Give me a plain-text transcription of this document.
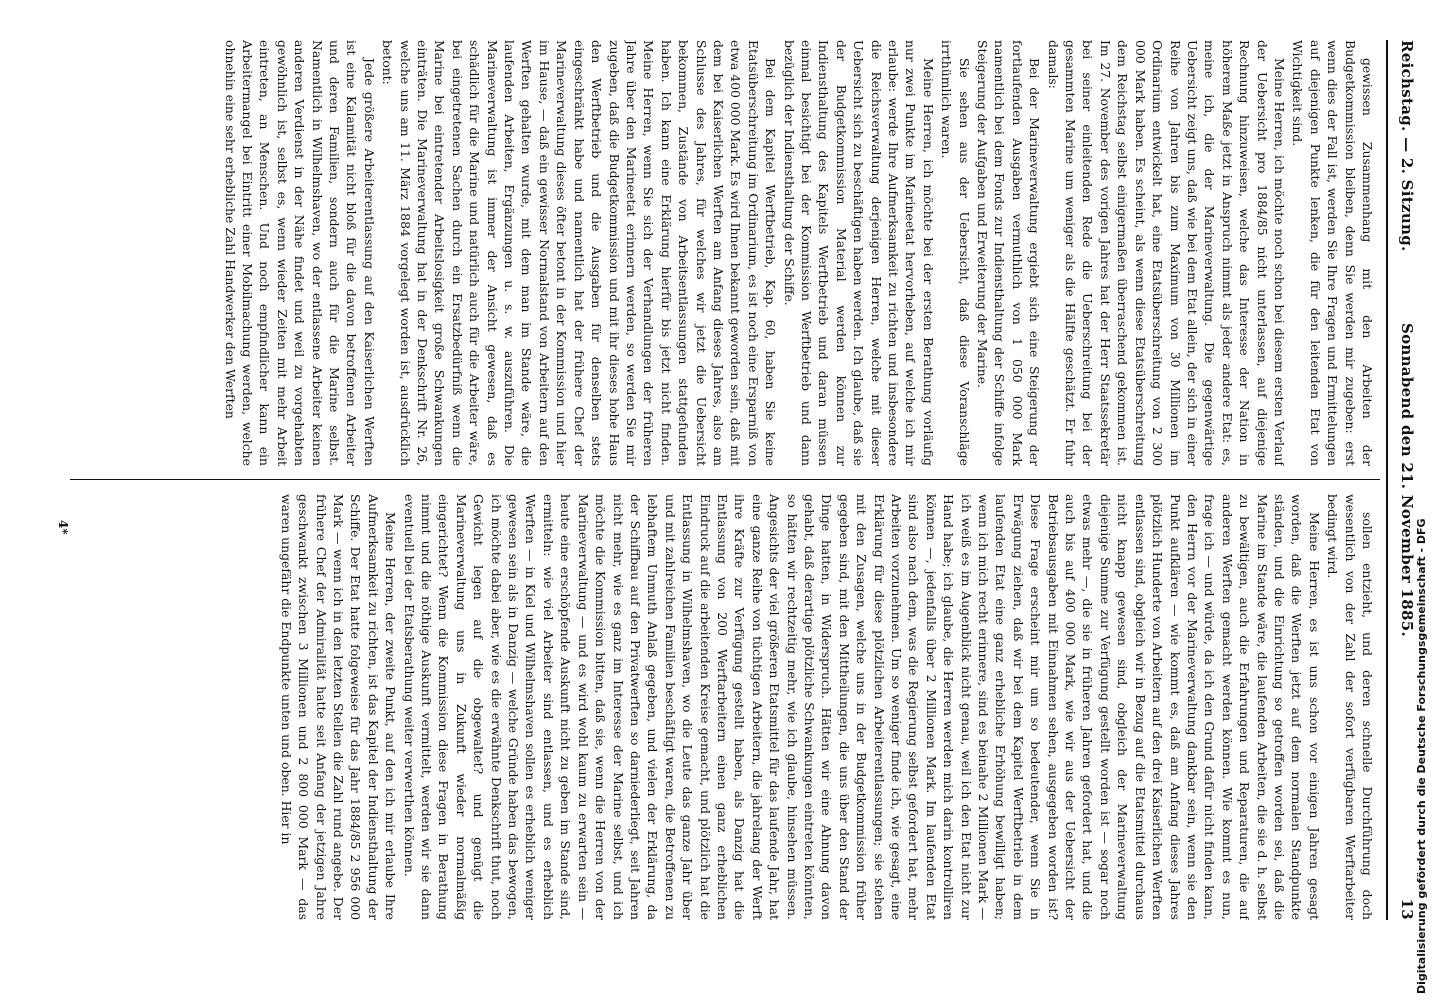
Reichstag. — 2. Sitzung.
Sonnabend den 21. November 1885.
13

gewissen Zusammenhang mit den Arbeiten der Budgetkommission bleiben, denn Sie werden mir zugeben: erst wenn dies der Fall ist, werden Sie Ihre Fragen und Ermittelungen auf diejenigen Punkte lenken, die für den leitenden Etat von Wichtigkeit sind.

Meine Herren, ich möchte noch schon bei diesem ersten Verlauf der Uebersicht pro 1884/85 nicht unterlassen, auf diejenige Rechnung hinzuweisen, welche das Interesse der Nation in höherem Maße jetzt in Anspruch nimmt als jeder andere Etat: es, meine ich, die der Marineverwaltung. Die gegenwärtige Uebersicht zeigt uns, daß wie bei dem Etat allein, der sich in einer Reihe von Jahren bis zum Maximum von 30 Millionen im Ordinarium entwickelt hat, eine Etatsüberschreitung von 2 300 000 Mark haben. Es scheint, als wenn diese Etatsüberschreitung dem Reichstag selbst einigermaßen überraschend gekommen ist. Im 27. November des vorigen Jahres hat der Herr Staatssekretär bei seiner einleitenden Rede die Ueberschreitung bei der gesammten Marine um weniger als die Hälfte geschätzt. Er fuhr damals:

Bei der Marineverwaltung ergiebt sich eine Steigerung der fortlaufenden Ausgaben vermuthlich von 1 050 000 Mark namentlich bei dem Fonds zur Indiensthaltung der Schiffe infolge Steigerung der Aufgaben und Erweiterung der Marine.

Sie sehen aus der Uebersicht, daß diese Voranschläge irrthümlich waren.

Meine Herren, ich möchte bei der ersten Berathung vorläufig nur zwei Punkte im Marineetat hervorheben, auf welche ich mir erlaube: werde Ihre Aufmerksamkeit zu richten und insbesondere die Reichsverwaltung derjenigen Herren, welche mit dieser Uebersicht sich zu beschäftigen haben werden. Ich glaube, daß sie der Budgetkommission Material werden können zur Indiensthaltung des Kapitels Werftbetrieb und daran müssen einmal besichtigt bei der Kommission Werftbetrieb und dann bezüglich der Indiensthaltung der Schiffe.

Bei dem Kapitel Werftbetrieb, Kap. 60, haben Sie keine Etatsüberschreitung im Ordinarium, es ist noch eine Ersparniß von etwa 400 000 Mark. Es wird Ihnen bekannt geworden sein, daß mit dem bei Kaiserlichen Werften am Anfang dieses Jahres, also am Schlusse des Jahres, für welches wir jetzt die Uebersicht bekommen, Zustände von Arbeitsentlassungen stattgefunden haben. Ich kann eine Erklärung hierfür bis jetzt nicht finden. Meine Herren, wenn Sie sich der Verhandlungen der früheren Jahre über den Marineetat erinnern werden, so werden Sie mir zugeben, daß die Budgetkommission und mit ihr dieses hohe Haus den Werftbetrieb und die Ausgaben für denselben stets eingeschränkt habe und namentlich hat der frühere Chef der Marineverwaltung dieses öfter betont in der Kommission und hier im Hause, — daß ein gewisser Normalstand von Arbeitern auf den Werften gehalten wurde, mit dem man im Stande wäre, die laufenden Arbeiten, Ergänzungen u. s. w. auszuführen. Die Marineverwaltung ist immer der Ansicht gewesen, daß es schädlich für die Marine und natürlich auch für die Arbeiter wäre, bei eingetretenen Sachen durch ein Ersatzbedürfniß wenn die Marine bei eintretender Arbeitslosigkeit große Schwankungen einträten. Die Marineverwaltung hat in der Denkschrift Nr. 26, welche uns am 11. März 1884 vorgelegt worden ist, ausdrücklich betont:

Jede größere Arbeiterentlassung auf den Kaiserlichen Werften ist eine Kalamität nicht bloß für die davon betroffenen Arbeiter und deren Familien, sondern auch für die Marine selbst. Namentlich in Wilhelmshaven, wo der entlassene Arbeiter keinen anderen Verdienst in der Nähe findet und weil zu vorgehabten gewöhnlich ist, selbst es, wenn wieder Zeiten mit mehr Arbeit eintreten, an Menschen. Und noch empfindlicher kann ein Arbeitermangel bei Eintritt einer Mobilmachung werden, welche ohnehin eine sehr erhebliche Zahl Handwerker den Werften

sollen entzieht, und deren schnelle Durchführung doch wesentlich von der Zahl der sofort verfügbaren Werftarbeiter bedingt wird.

Meine Herren, es ist uns schon vor einigen Jahren gesagt worden, daß die Werften jetzt auf dem normalen Standpunkte ständen, und die Einrichtung so getroffen worden sei, daß die Marine im Stande wäre, die laufenden Arbeiten, die sie d. h. selbst zu bewältigen, auch die Erfahrungen und Reparaturen, die auf anderen Werften gemacht werden können. Wie kommt es nun, frage ich — und würde, da ich den Grund dafür nicht finden kann, den Herrn vor der Marineverwaltung dankbar sein, wenn sie den Punkt aufklären — wie kommt es, daß am Anfang dieses Jahres plötzlich Hunderte von Arbeitern auf den drei Kaiserlichen Werften entlassen sind, obgleich wir in Bezug auf die Etatsmittel durchaus nicht knapp gewesen sind, obgleich der Marineverwaltung diejenige Summe zur Verfügung gestellt worden ist — sogar noch etwas mehr —, die sie in früheren Jahren gefordert hat, und die auch bis auf 400 000 Mark, wie wir aus der Uebersicht der Betriebsausgaben mit Einnahmen sehen, ausgegeben worden ist? Diese Frage erscheint mir um so bedeutender, wenn Sie in Erwägung ziehen, daß wir bei dem Kapitel Werftbetrieb in dem laufenden Etat eine ganz erhebliche Erhöhung bewilligt haben; wenn ich mich recht erinnere, sind es beinahe 2 Millionen Mark — ich weiß es im Augenblick nicht genau, weil ich den Etat nicht zur Hand habe; ich glaube, die Herren werden mich darin kontrolliren können —, jedenfalls über 2 Millionen Mark. Im laufenden Etat sind also nach dem, was die Regierung selbst gefordert hat, mehr Arbeiten vorzunehmen. Um so weniger finde ich, wie gesagt, eine Erklärung für diese plötzlichen Arbeiterentlassungen; sie stehen mit den Zusagen, welche uns in der Budgetkommission früher gegeben sind, mit den Mittheilungen, die uns über den Stand der Dinge hatten, in Widerspruch. Hätten wir eine Ahnung davon gehabt, daß derartige plötzliche Schwankungen eintreten könnten, so hätten wir rechtzeitig mehr, wie ich glaube, hinsehen müssen. Angesichts der viel größeren Etatsmittel für das laufende Jahr, hat eine ganze Reihe von tüchtigen Arbeitern, die jahrelang der Werft ihre Kräfte zur Verfügung gestellt haben, als Danzig hat die Entlassung von 200 Werftarbeitern einen ganz erheblichen Eindruck auf die arbeitenden Kreise gemacht, und plötzlich hat die Entlassung in Wilhelmshaven, wo die Leute das ganze Jahr über und mit zahlreichen Familien beschäftigt waren, die Betroffenen zu lebhaftem Unmuth Anlaß gegeben, und vielen der Erklärung, da der Schiffbau auf den Privatwerften so darniederliegt, seit Jahren nicht mehr, wie es ganz im Interesse der Marine selbst, und ich möchte die Kommission bitten, daß sie, wenn die Herren von der Marineverwaltung — und es wird wohl kaum zu erwarten sein — heute eine erschöpfende Auskunft nicht zu geben im Stande sind, ermitteln: wie viel Arbeiter sind entlassen, und es erheblich Werften — in Kiel und Wilhelmshaven sollen es erheblich weniger gewesen sein als in Danzig — welche Gründe haben das bewogen, ich möchte dabei aber, wie es die erwähnte Denkschrift thut, noch Gewicht legen auf die obgewaltet? und genügt die Marineverwaltung uns in Zukunft wieder normalmäßig eingerichtet? Wenn die Kommission diese Fragen in Berathung nimmt und die nöthige Auskunft vermittelt, werden wir sie dann eventuell bei der Etatsberathung weiter verwerthen können.

Meine Herren, der zweite Punkt, auf den ich mir erlaube Ihre Aufmerksamkeit zu richten, ist das Kapitel der Indiensthaltung der Schiffe. Der Etat hatte folgeweise für das Jahr 1884/85 2 956 000 Mark — wenn ich in den letzten Stellen die Zahl rund angebe. Der frühere Chef der Admiralität hatte seit Anfang der jetzigen Jahre geschwankt zwischen 3 Millionen und 2 800 000 Mark — das waren ungefähr die Endpunkte unten und oben. Hier in

4*	Digitalisierung gefördert durch die Deutsche Forschungsgemeinschaft - DFG
